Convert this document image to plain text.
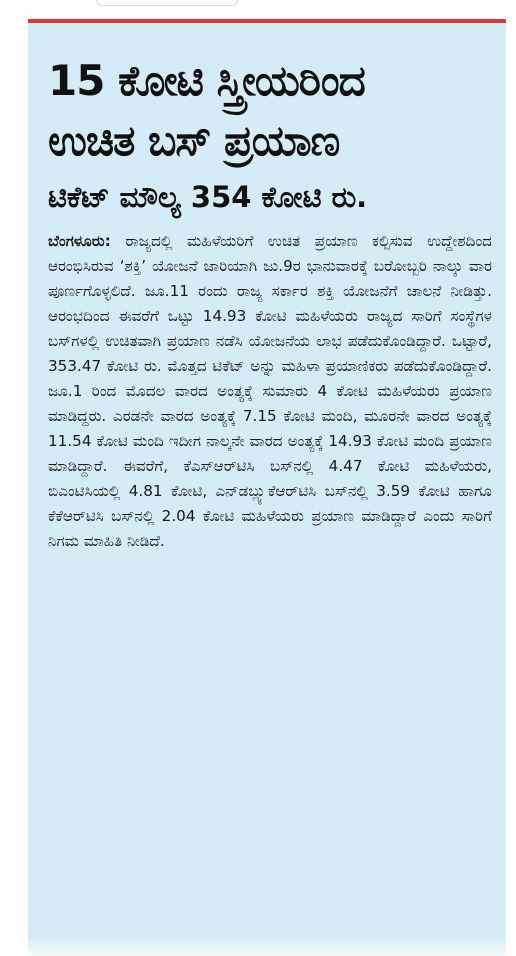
15 ಕೋಟಿ ಸ್ತ್ರೀಯರಿಂದ
ಉಚಿತ ಬಸ್ ಪ್ರಯಾಣ
ಟಿಕೆಟ್ ಮೌಲ್ಯ 354 ಕೋಟಿ ರು.

ಬೆಂಗಳೂರು: ರಾಜ್ಯದಲ್ಲಿ ಮಹಿಳೆಯರಿಗೆ ಉಚಿತ ಪ್ರಯಾಣ ಕಲ್ಪಿಸುವ ಉದ್ದೇಶದಿಂದ ಆರಂಭಿಸಿರುವ ‘ಶಕ್ತಿ’ ಯೋಜನೆ ಜಾರಿಯಾಗಿ ಜು.9ರ ಭಾನುವಾರಕ್ಕೆ ಬರೋಬ್ಬರಿ ನಾಲ್ಕು ವಾರ ಪೂರ್ಣಗೊಳ್ಳಲಿದೆ. ಜೂ.11 ರಂದು ರಾಜ್ಯ ಸರ್ಕಾರ ಶಕ್ತಿ ಯೋಜನೆಗೆ ಚಾಲನೆ ನೀಡಿತ್ತು. ಆರಂಭದಿಂದ ಈವರೆಗೆ ಒಟ್ಟು 14.93 ಕೋಟಿ ಮಹಿಳೆಯರು ರಾಜ್ಯದ ಸಾರಿಗೆ ಸಂಸ್ಥೆಗಳ ಬಸ್‌ಗಳಲ್ಲಿ ಉಚಿತವಾಗಿ ಪ್ರಯಾಣ ನಡೆಸಿ ಯೋಜನೆಯ ಲಾಭ ಪಡೆದುಕೊಂಡಿದ್ದಾರೆ. ಒಟ್ಟಾರೆ, 353.47 ಕೋಟಿ ರು. ಮೊತ್ತದ ಟಿಕೆಟ್ ಅನ್ನು ಮಹಿಳಾ ಪ್ರಯಾಣಿಕರು ಪಡೆದುಕೊಂಡಿದ್ದಾರೆ. ಜೂ.1 ರಿಂದ ಮೊದಲ ವಾರದ ಅಂತ್ಯಕ್ಕೆ ಸುಮಾರು 4 ಕೋಟಿ ಮಹಿಳೆಯರು ಪ್ರಯಾಣ ಮಾಡಿದ್ದರು. ಎರಡನೇ ವಾರದ ಅಂತ್ಯಕ್ಕೆ 7.15 ಕೋಟಿ ಮಂದಿ, ಮೂರನೇ ವಾರದ ಅಂತ್ಯಕ್ಕೆ 11.54 ಕೋಟಿ ಮಂದಿ ಇದೀಗ ನಾಲ್ಕನೇ ವಾರದ ಅಂತ್ಯಕ್ಕೆ 14.93 ಕೋಟಿ ಮಂದಿ ಪ್ರಯಾಣ ಮಾಡಿದ್ದಾರೆ. ಈವರೆಗೆ, ಕೆಎಸ್‌ಆರ್‌ಟಿಸಿ ಬಸ್‌ನಲ್ಲಿ 4.47 ಕೋಟಿ ಮಹಿಳೆಯರು, ಬಿಎಂಟಿಸಿಯಲ್ಲಿ 4.81 ಕೋಟಿ, ಎನ್‌ಡಬ್ಲ್ಯುಕೆಆರ್‌ಟಿಸಿ ಬಸ್‌ನಲ್ಲಿ 3.59 ಕೋಟಿ ಹಾಗೂ ಕೆಕೆಆರ್‌ಟಿಸಿ ಬಸ್‌ನಲ್ಲಿ 2.04 ಕೋಟಿ ಮಹಿಳೆಯರು ಪ್ರಯಾಣ ಮಾಡಿದ್ದಾರೆ ಎಂದು ಸಾರಿಗೆ ನಿಗಮ ಮಾಹಿತಿ ನೀಡಿದೆ.
